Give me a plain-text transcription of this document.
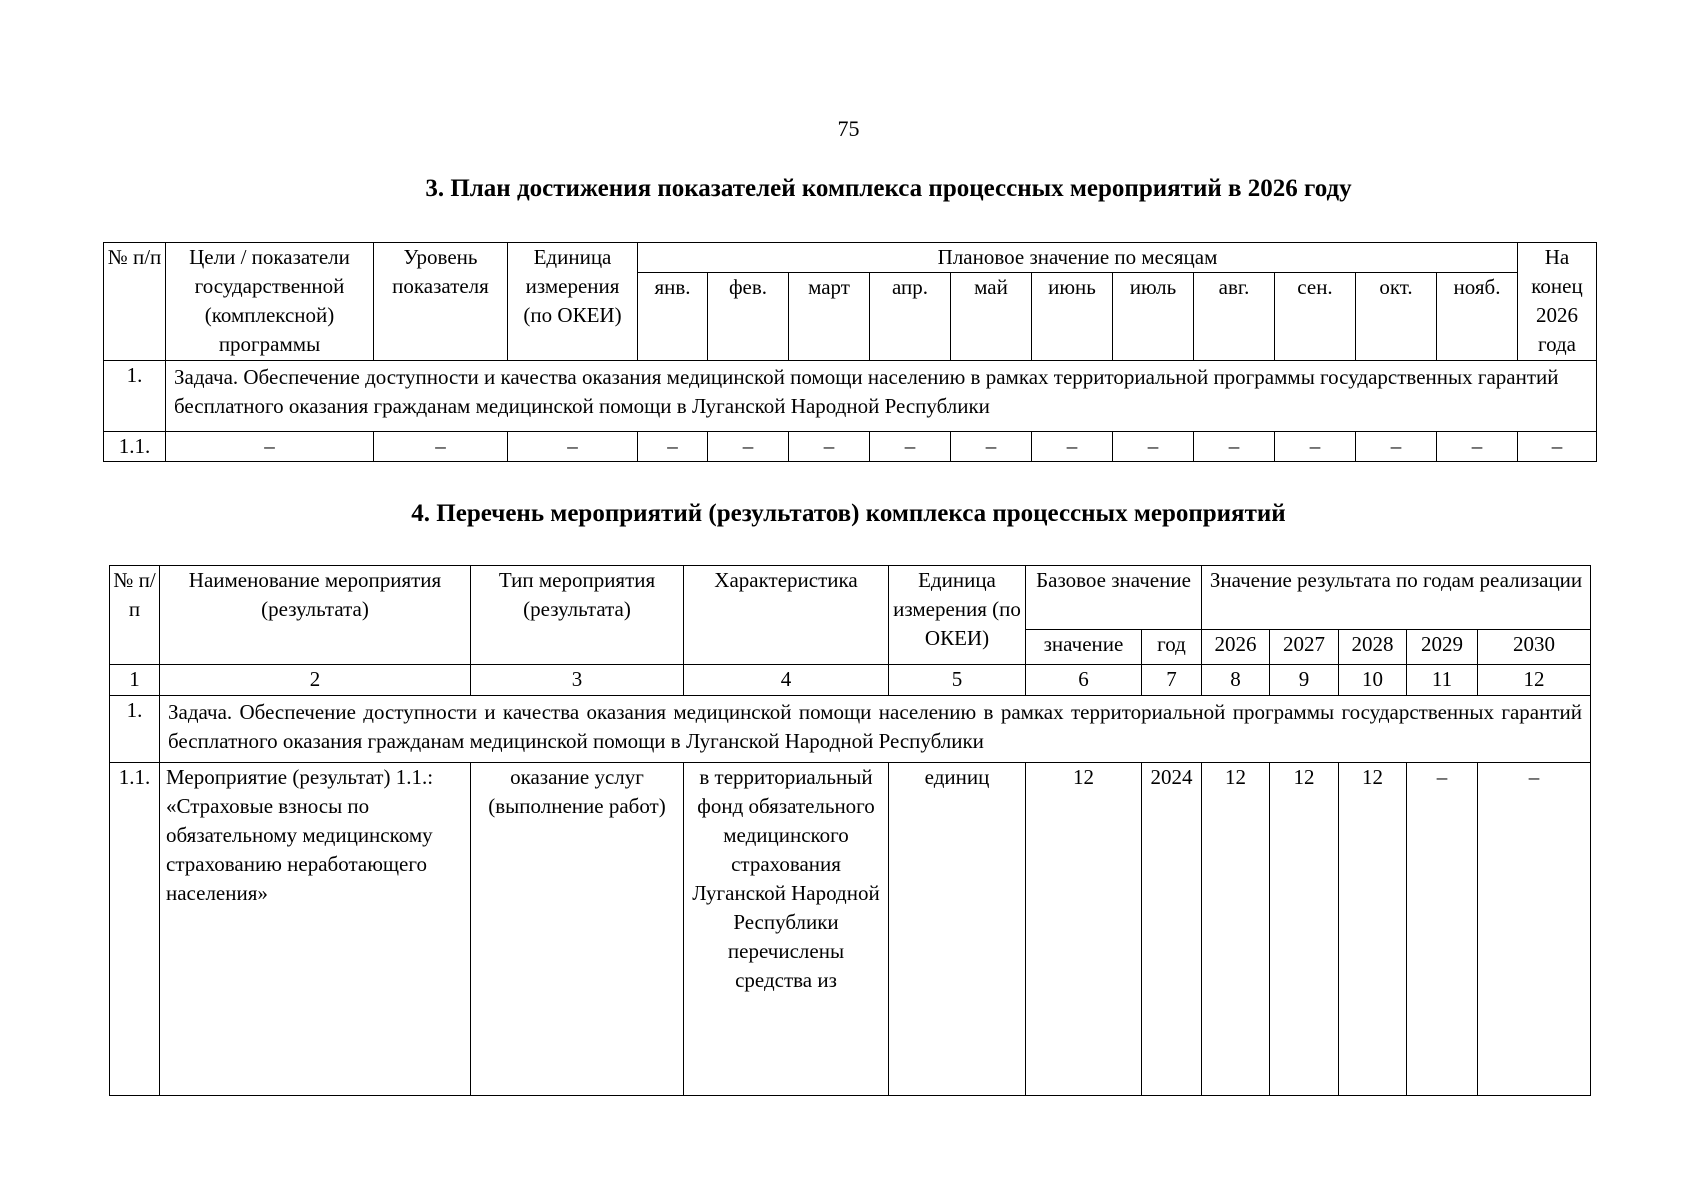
75
3. План достижения показателей комплекса процессных мероприятий в 2026 году
№ п/п	Цели / показатели государственной (комплексной) программы	Уровень показателя	Единица измерения (по ОКЕИ)	Плановое значение по месяцам											На конец 2026 года
				янв.	фев.	март	апр.	май	июнь	июль	авг.	сен.	окт.	нояб.	
1.	Задача. Обеспечение доступности и качества оказания медицинской помощи населению в рамках территориальной программы государственных гарантий бесплатного оказания гражданам медицинской помощи в Луганской Народной Республики														
1.1.	–	–	–	–	–	–	–	–	–	–	–	–	–	–	–
4. Перечень мероприятий (результатов) комплекса процессных мероприятий
№ п/п	Наименование мероприятия (результата)	Тип мероприятия (результата)	Характеристика	Единица измерения (по ОКЕИ)	Базовое значение		Значение результата по годам реализации				
					значение	год	2026	2027	2028	2029	2030
1	2	3	4	5	6	7	8	9	10	11	12
1.	Задача. Обеспечение доступности и качества оказания медицинской помощи населению в рамках территориальной программы государственных гарантий бесплатного оказания гражданам медицинской помощи в Луганской Народной Республики										
1.1.	Мероприятие (результат) 1.1.: «Страховые взносы по обязательному медицинскому страхованию неработающего населения»	оказание услуг (выполнение работ)	в территориальный фонд обязательного медицинского страхования Луганской Народной Республики перечислены средства из	единиц	12	2024	12	12	12	–	–
